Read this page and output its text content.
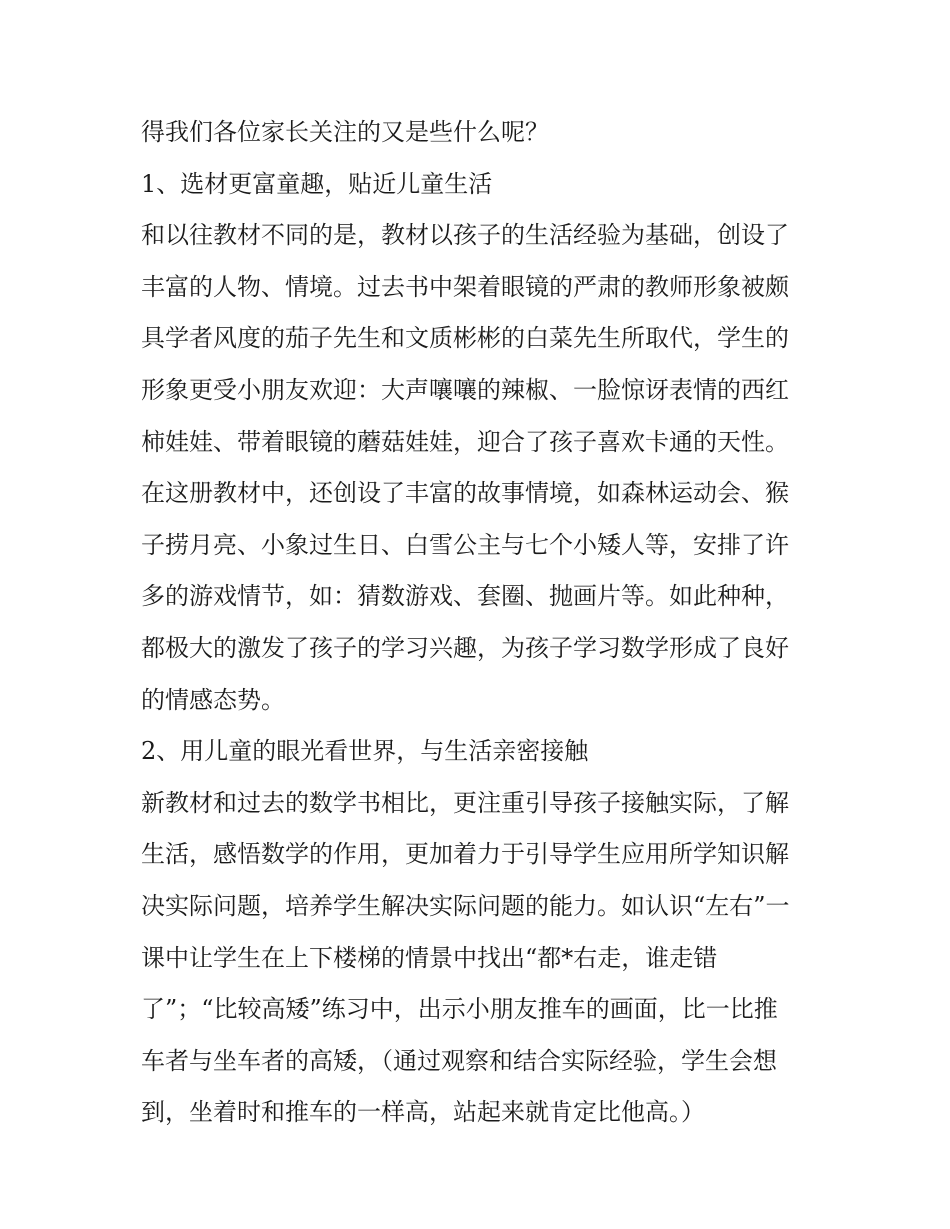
得我们各位家长关注的又是些什么呢？
1、选材更富童趣，贴近儿童生活
和以往教材不同的是，教材以孩子的生活经验为基础，创设了
丰富的人物、情境。过去书中架着眼镜的严肃的教师形象被颇
具学者风度的茄子先生和文质彬彬的白菜先生所取代，学生的
形象更受小朋友欢迎：大声嚷嚷的辣椒、一脸惊讶表情的西红
柿娃娃、带着眼镜的蘑菇娃娃，迎合了孩子喜欢卡通的天性。
在这册教材中，还创设了丰富的故事情境，如森林运动会、猴
子捞月亮、小象过生日、白雪公主与七个小矮人等，安排了许
多的游戏情节，如：猜数游戏、套圈、抛画片等。如此种种，
都极大的激发了孩子的学习兴趣，为孩子学习数学形成了良好
的情感态势。
2、用儿童的眼光看世界，与生活亲密接触
新教材和过去的数学书相比，更注重引导孩子接触实际，了解
生活，感悟数学的作用，更加着力于引导学生应用所学知识解
决实际问题，培养学生解决实际问题的能力。如认识“左右”一
课中让学生在上下楼梯的情景中找出“都*右走，谁走错
了”；“比较高矮”练习中，出示小朋友推车的画面，比一比推
车者与坐车者的高矮，（通过观察和结合实际经验，学生会想
到，坐着时和推车的一样高，站起来就肯定比他高。）
